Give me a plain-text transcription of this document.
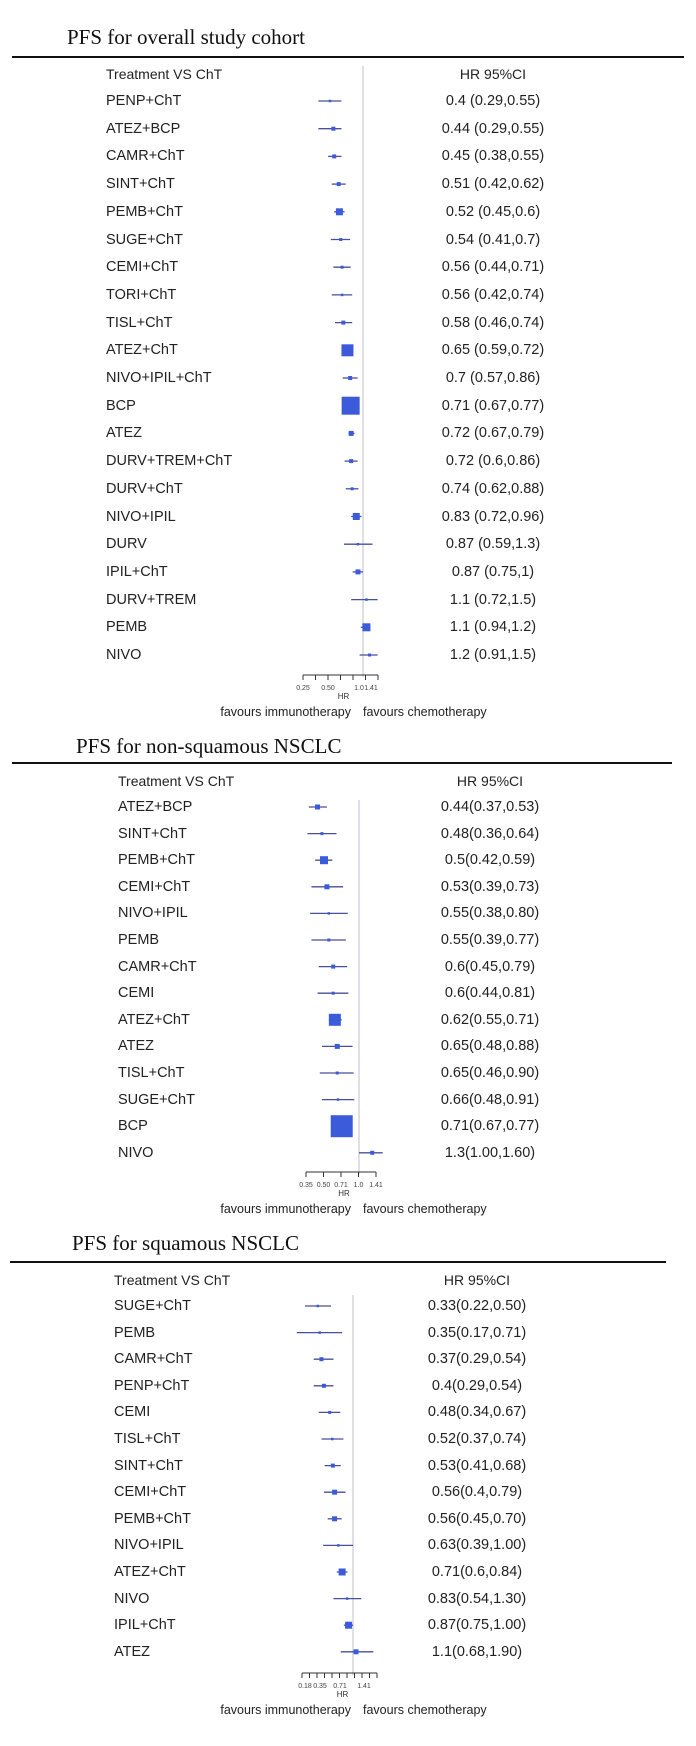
PFS for overall study cohort
Treatment VS ChT	HR 95%CI
PENP+ChT	0.4 (0.29,0.55)
ATEZ+BCP	0.44 (0.29,0.55)
CAMR+ChT	0.45 (0.38,0.55)
SINT+ChT	0.51 (0.42,0.62)
PEMB+ChT	0.52 (0.45,0.6)
SUGE+ChT	0.54 (0.41,0.7)
CEMI+ChT	0.56 (0.44,0.71)
TORI+ChT	0.56 (0.42,0.74)
TISL+ChT	0.58 (0.46,0.74)
ATEZ+ChT	0.65 (0.59,0.72)
NIVO+IPIL+ChT	0.7 (0.57,0.86)
BCP	0.71 (0.67,0.77)
ATEZ	0.72 (0.67,0.79)
DURV+TREM+ChT	0.72 (0.6,0.86)
DURV+ChT	0.74 (0.62,0.88)
NIVO+IPIL	0.83 (0.72,0.96)
DURV	0.87 (0.59,1.3)
IPIL+ChT	0.87 (0.75,1)
DURV+TREM	1.1 (0.72,1.5)
PEMB	1.1 (0.94,1.2)
NIVO	1.2 (0.91,1.5)
0.25 0.50	1.0 1.41
HR
favours immunotherapy favours chemotherapy
PFS for non-squamous NSCLC
Treatment VS ChT	HR 95%CI
ATEZ+BCP	0.44(0.37,0.53)
SINT+ChT	0.48(0.36,0.64)
PEMB+ChT	0.5(0.42,0.59)
CEMI+ChT	0.53(0.39,0.73)
NIVO+IPIL	0.55(0.38,0.80)
PEMB	0.55(0.39,0.77)
CAMR+ChT	0.6(0.45,0.79)
CEMI	0.6(0.44,0.81)
ATEZ+ChT	0.62(0.55,0.71)
ATEZ	0.65(0.48,0.88)
TISL+ChT	0.65(0.46,0.90)
SUGE+ChT	0.66(0.48,0.91)
BCP	0.71(0.67,0.77)
NIVO	1.3(1.00,1.60)
0.35 0.50 0.71 1.0 1.41
HR
favours immunotherapy favours chemotherapy
PFS for squamous NSCLC
Treatment VS ChT	HR 95%CI
SUGE+ChT	0.33(0.22,0.50)
PEMB	0.35(0.17,0.71)
CAMR+ChT	0.37(0.29,0.54)
PENP+ChT	0.4(0.29,0.54)
CEMI	0.48(0.34,0.67)
TISL+ChT	0.52(0.37,0.74)
SINT+ChT	0.53(0.41,0.68)
CEMI+ChT	0.56(0.4,0.79)
PEMB+ChT	0.56(0.45,0.70)
NIVO+IPIL	0.63(0.39,1.00)
ATEZ+ChT	0.71(0.6,0.84)
NIVO	0.83(0.54,1.30)
IPIL+ChT	0.87(0.75,1.00)
ATEZ	1.1(0.68,1.90)
0.18 0.35 0.71 1.41
HR
favours immunotherapy favours chemotherapy
